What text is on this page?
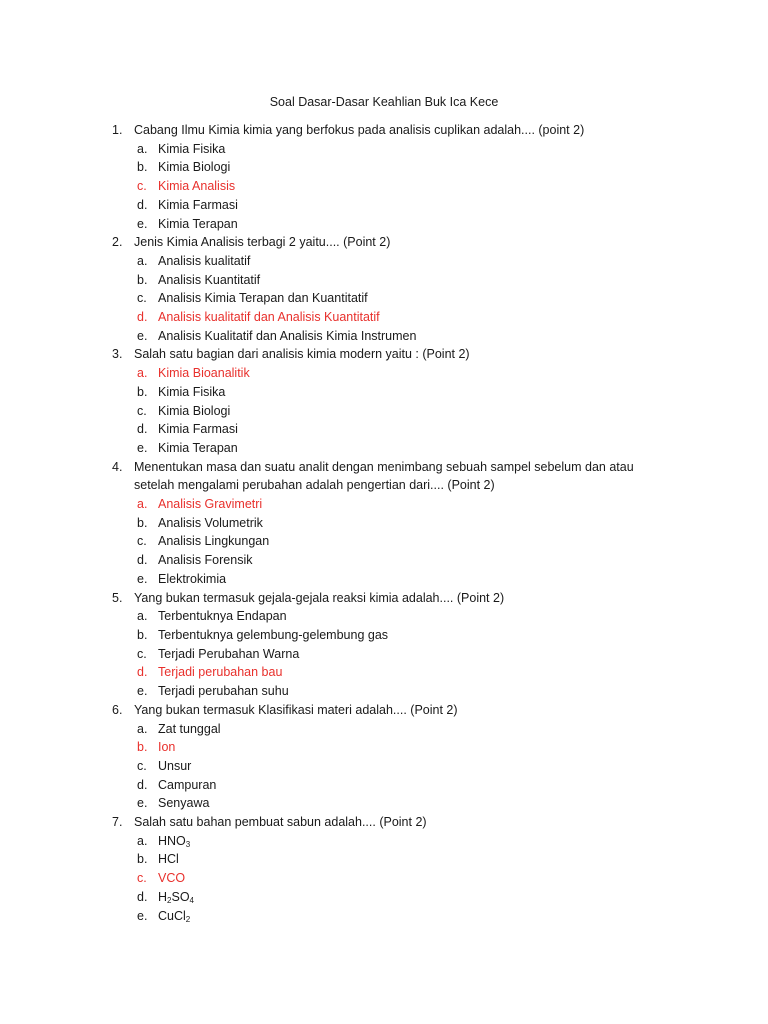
Soal Dasar-Dasar Keahlian Buk Ica Kece
1. Cabang Ilmu Kimia kimia yang berfokus pada analisis cuplikan adalah.... (point 2)
a. Kimia Fisika
b. Kimia Biologi
c. Kimia Analisis
d. Kimia Farmasi
e. Kimia Terapan
2. Jenis Kimia Analisis terbagi 2 yaitu.... (Point 2)
a. Analisis kualitatif
b. Analisis Kuantitatif
c. Analisis Kimia Terapan dan Kuantitatif
d. Analisis kualitatif dan Analisis Kuantitatif
e. Analisis Kualitatif dan Analisis Kimia Instrumen
3. Salah satu bagian dari analisis kimia modern yaitu : (Point 2)
a. Kimia Bioanalitik
b. Kimia Fisika
c. Kimia Biologi
d. Kimia Farmasi
e. Kimia Terapan
4. Menentukan masa dan suatu analit dengan menimbang sebuah sampel sebelum dan atau
setelah mengalami perubahan adalah pengertian dari.... (Point 2)
a. Analisis Gravimetri
b. Analisis Volumetrik
c. Analisis Lingkungan
d. Analisis Forensik
e. Elektrokimia
5. Yang bukan termasuk gejala-gejala reaksi kimia adalah.... (Point 2)
a. Terbentuknya Endapan
b. Terbentuknya gelembung-gelembung gas
c. Terjadi Perubahan Warna
d. Terjadi perubahan bau
e. Terjadi perubahan suhu
6. Yang bukan termasuk Klasifikasi materi adalah.... (Point 2)
a. Zat tunggal
b. Ion
c. Unsur
d. Campuran
e. Senyawa
7. Salah satu bahan pembuat sabun adalah.... (Point 2)
a. $HNO_3$
b. HCl
c. VCO
d. $H_2SO_4$
e. CuCl$_2$
